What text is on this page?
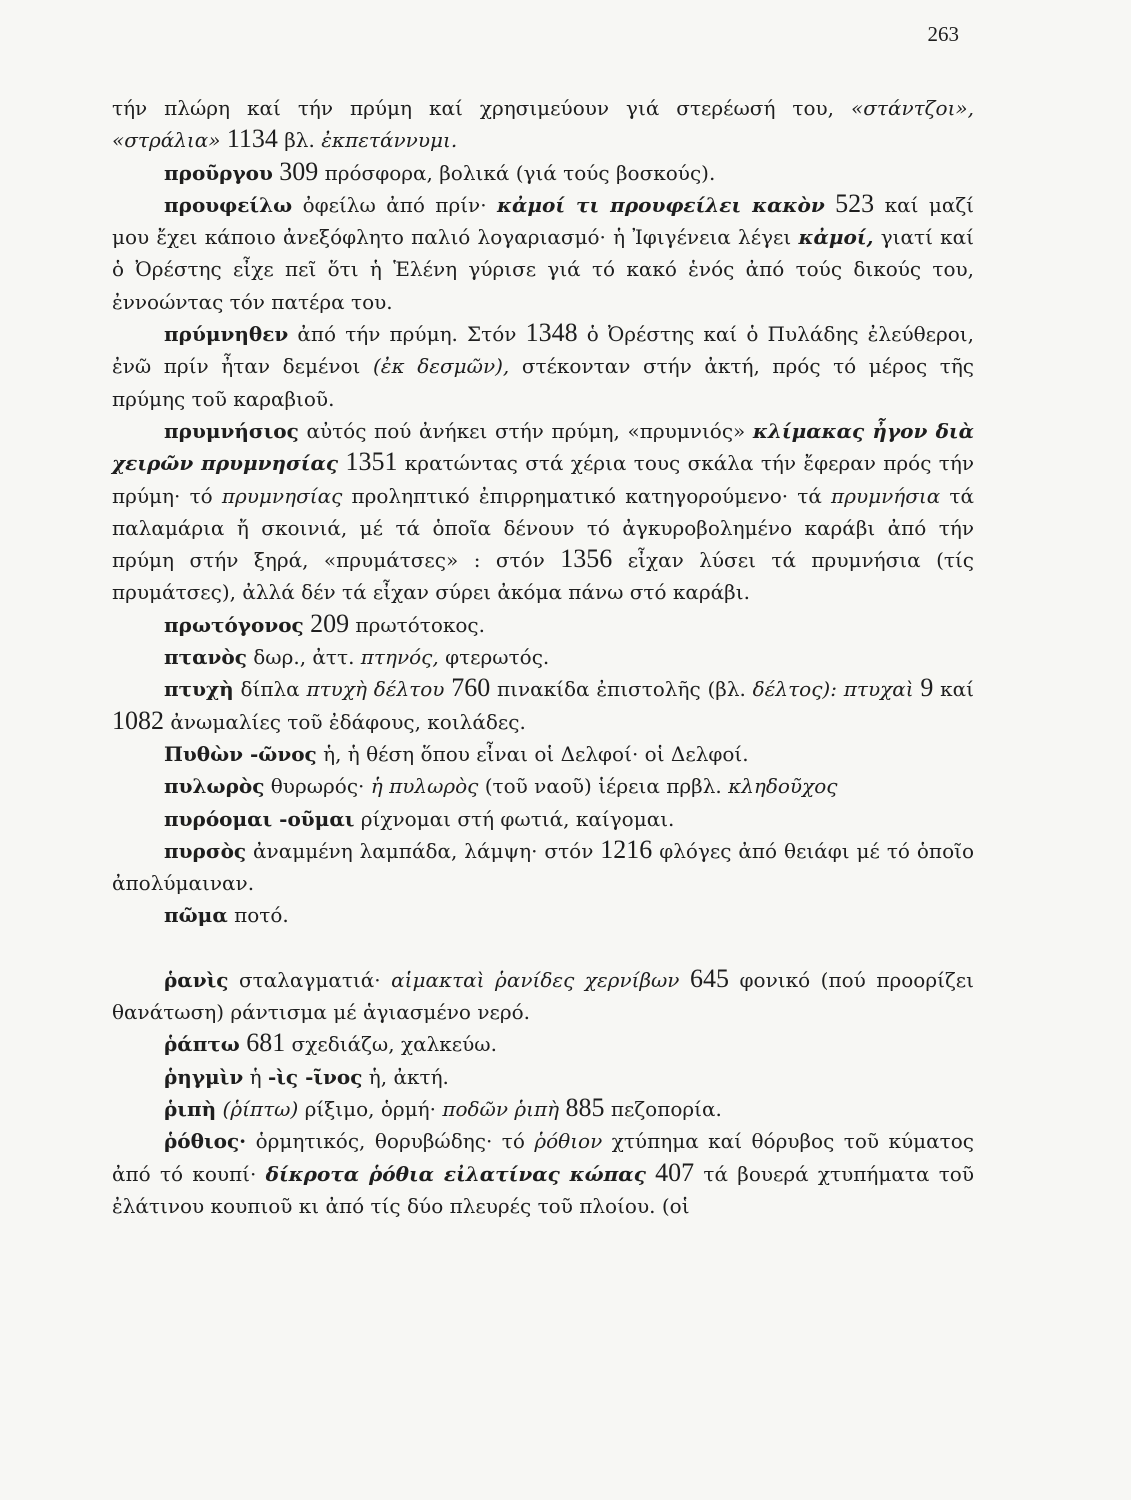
263

τήν πλώρη καί τήν πρύμη καί χρησιμεύουν γιά στερέωσή του, «στάντζοι», «στράλια» 1134 βλ. ἐκπετάννυμι.

προῦργου 309 πρόσφορα, βολικά (γιά τούς βοσκούς).

προυφείλω ὀφείλω ἀπό πρίν· κἀμοί τι προυφείλει κακὸν 523 καί μαζί μου ἔχει κάποιο ἀνεξόφλητο παλιό λογαριασμό· ἡ Ἰφιγένεια λέγει κἀμοί, γιατί καί ὁ Ὀρέστης εἶχε πεῖ ὅτι ἡ Ἑλένη γύρισε γιά τό κακό ἑνός ἀπό τούς δικούς του, ἐννοώντας τόν πατέρα του.

πρύμνηθεν ἀπό τήν πρύμη. Στόν 1348 ὁ Ὀρέστης καί ὁ Πυλάδης ἐλεύθεροι, ἐνῶ πρίν ἦταν δεμένοι (ἐκ δεσμῶν), στέκονταν στήν ἀκτή, πρός τό μέρος τῆς πρύμης τοῦ καραβιοῦ.

πρυμνήσιος αὐτός πού ἀνήκει στήν πρύμη, «πρυμνιός» κλίμακας ἦγον διὰ χειρῶν πρυμνησίας 1351 κρατώντας στά χέρια τους σκάλα τήν ἔφεραν πρός τήν πρύμη· τό πρυμνησίας προληπτικό ἐπιρρηματικό κατηγορούμενο· τά πρυμνήσια τά παλαμάρια ἤ σκοινιά, μέ τά ὁποῖα δένουν τό ἀγκυροβολημένο καράβι ἀπό τήν πρύμη στήν ξηρά, «πρυμάτσες» : στόν 1356 εἶχαν λύσει τά πρυμνήσια (τίς πρυμάτσες), ἀλλά δέν τά εἶχαν σύρει ἀκόμα πάνω στό καράβι.

πρωτόγονος 209 πρωτότοκος.

πτανὸς δωρ., ἀττ. πτηνός, φτερωτός.

πτυχὴ δίπλα πτυχὴ δέλτου 760 πινακίδα ἐπιστολῆς (βλ. δέλτος): πτυχαὶ 9 καί 1082 ἀνωμαλίες τοῦ ἐδάφους, κοιλάδες.

Πυθὼν -ῶνος ἡ, ἡ θέση ὅπου εἶναι οἱ Δελφοί· οἱ Δελφοί.

πυλωρὸς θυρωρός· ἡ πυλωρὸς (τοῦ ναοῦ) ἱέρεια πρβλ. κληδοῦχος

πυρόομαι -οῦμαι ρίχνομαι στή φωτιά, καίγομαι.

πυρσὸς ἀναμμένη λαμπάδα, λάμψη· στόν 1216 φλόγες ἀπό θειάφι μέ τό ὁποῖο ἀπολύμαιναν.

πῶμα ποτό.

ῥανὶς σταλαγματιά· αἱμακταὶ ῥανίδες χερνίβων 645 φονικό (πού προορίζει θανάτωση) ράντισμα μέ ἁγιασμένο νερό.

ῥάπτω 681 σχεδιάζω, χαλκεύω.

ῥηγμὶν ἡ -ὶς -ῖνος ἡ, ἀκτή.

ῥιπὴ (ῥίπτω) ρίξιμο, ὁρμή· ποδῶν ῥιπὴ 885 πεζοπορία.

ῥόθιος· ὁρμητικός, θορυβώδης· τό ῥόθιον χτύπημα καί θόρυβος τοῦ κύματος ἀπό τό κουπί· δίκροτα ῥόθια εἰλατίνας κώπας 407 τά βουερά χτυπήματα τοῦ ἐλάτινου κουπιοῦ κι ἀπό τίς δύο πλευρές τοῦ πλοίου. (οἱ
